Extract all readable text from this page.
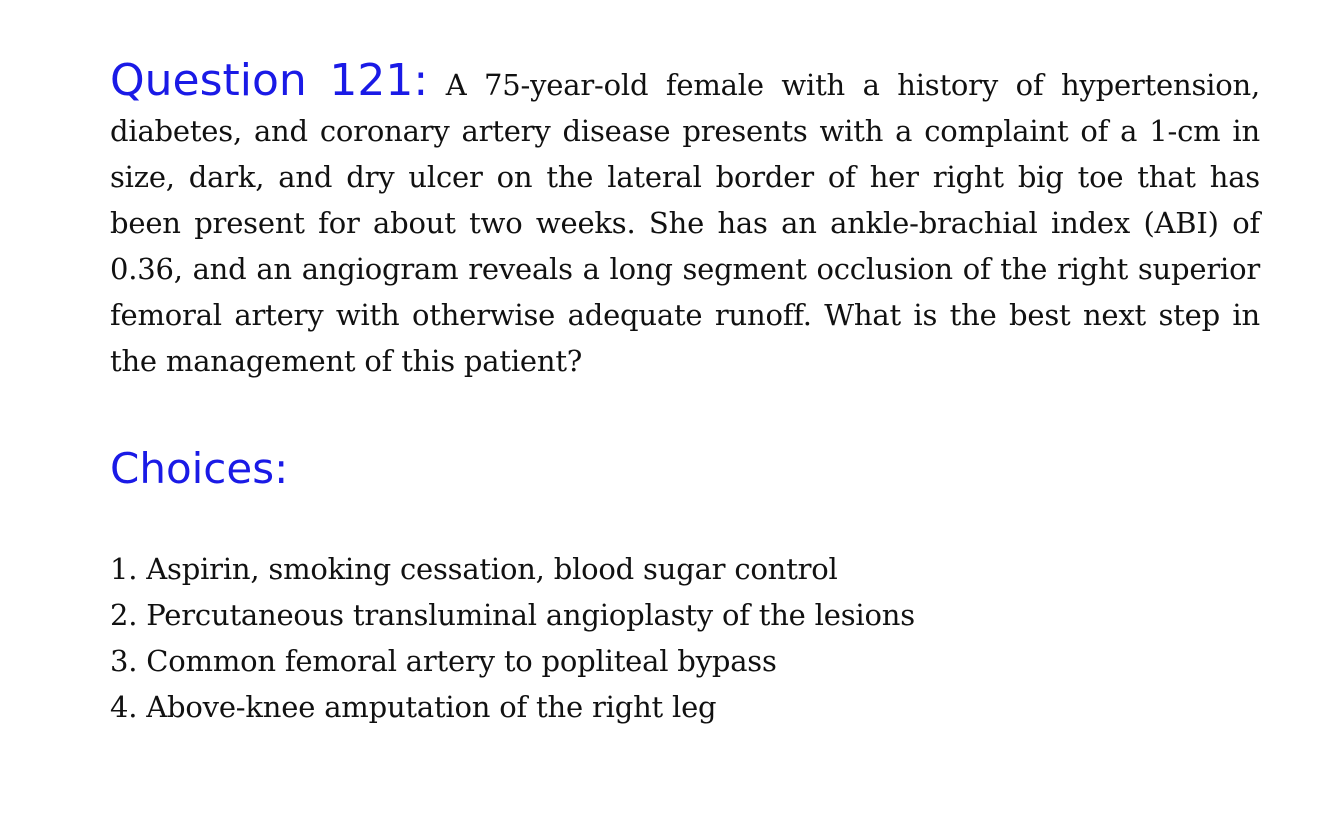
Question 121: A 75-year-old female with a history of hypertension, diabetes, and coronary artery disease presents with a complaint of a 1-cm in size, dark, and dry ulcer on the lateral border of her right big toe that has been present for about two weeks. She has an ankle-brachial index (ABI) of 0.36, and an angiogram reveals a long segment occlusion of the right superior femoral artery with otherwise adequate runoff. What is the best next step in the management of this patient?

Choices:
1. Aspirin, smoking cessation, blood sugar control
2. Percutaneous transluminal angioplasty of the lesions
3. Common femoral artery to popliteal bypass
4. Above-knee amputation of the right leg
